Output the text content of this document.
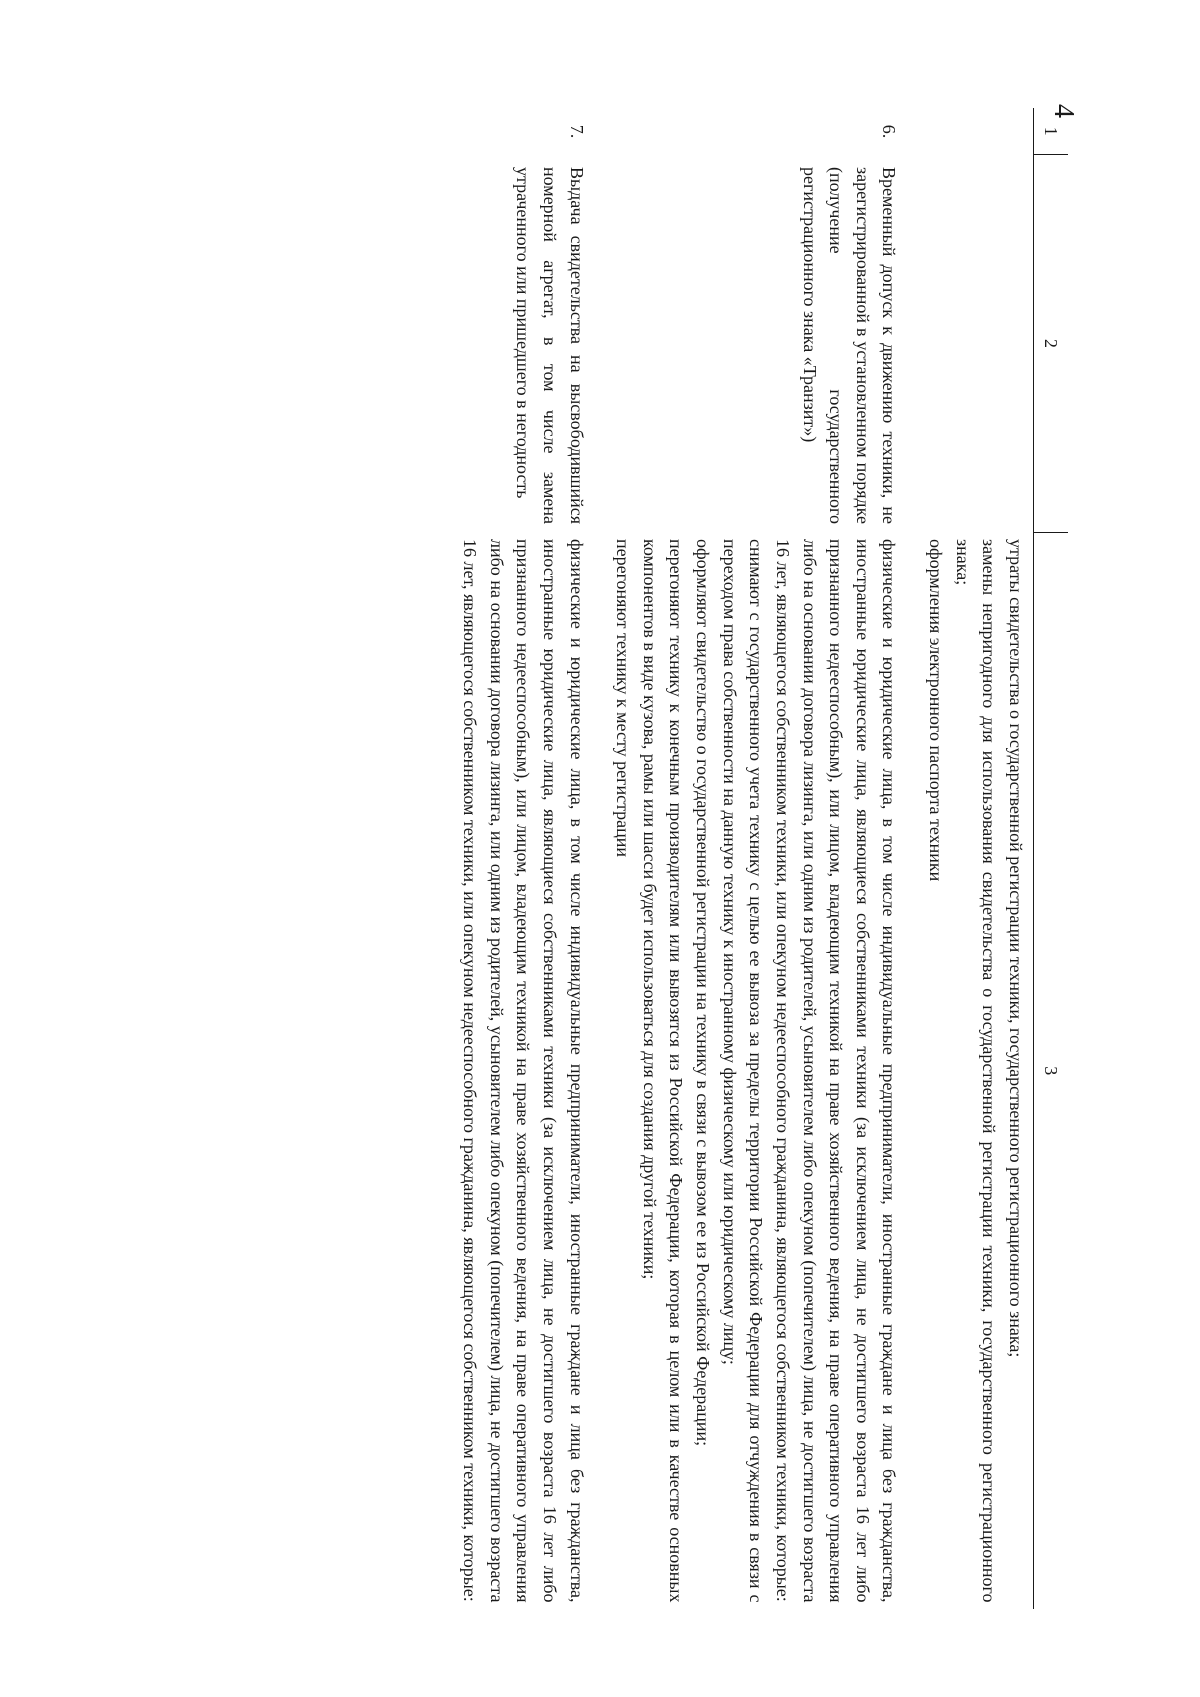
4
1	2	3

		утраты свидетельства о государственной регистрации техники, государственного регистрационного знака;

замены непригодного для использования свидетельства о государственной регистрации техники, государственного регистрационного знака;

оформления электронного паспорта техники

6.	Временный допуск к движению техники, не зарегистрированной в установленном порядке (получение государственного регистрационного знака «Транзит»)	физические и юридические лица, в том числе индивидуальные предприниматели, иностранные граждане и лица без гражданства, иностранные юридические лица, являющиеся собственниками техники (за исключением лица, не достигшего возраста 16 лет либо признанного недееспособным), или лицом, владеющим техникой на праве хозяйственного ведения, на праве оперативного управления либо на основании договора лизинга, или одним из родителей, усыновителем либо опекуном (попечителем) лица, не достигшего возраста 16 лет, являющегося собственником техники, или опекуном недееспособного гражданина, являющегося собственником техники, которые:

снимают с государственного учета технику с целью ее вывоза за пределы территории Российской Федерации для отчуждения в связи с переходом права собственности на данную технику к иностранному физическому или юридическому лицу;

оформляют свидетельство о государственной регистрации на технику в связи с вывозом ее из Российской Федерации;

перегоняют технику к конечным производителям или вывозятся из Российской Федерации, которая в целом или в качестве основных компонентов в виде кузова, рамы или шасси будет использоваться для создания другой техники;

перегоняют технику к месту регистрации

7.	Выдача свидетельства на высвободившийся номерной агрегат, в том числе замена утраченного или пришедшего в негодность	физические и юридические лица, в том числе индивидуальные предприниматели, иностранные граждане и лица без гражданства, иностранные юридические лица, являющиеся собственниками техники (за исключением лица, не достигшего возраста 16 лет либо признанного недееспособным), или лицом, владеющим техникой на праве хозяйственного ведения, на праве оперативного управления либо на основании договора лизинга, или одним из родителей, усыновителем либо опекуном (попечителем) лица, не достигшего возраста 16 лет, являющегося собственником техники, или опекуном недееспособного гражданина, являющегося собственником техники, которые:
